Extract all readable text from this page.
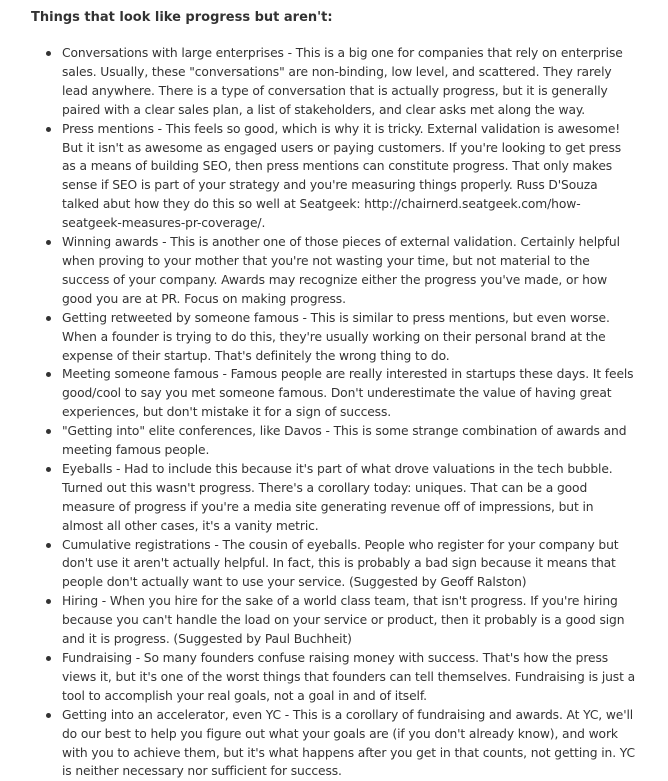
Things that look like progress but aren't:

Conversations with large enterprises - This is a big one for companies that rely on enterprise sales. Usually, these "conversations" are non-binding, low level, and scattered. They rarely lead anywhere. There is a type of conversation that is actually progress, but it is generally paired with a clear sales plan, a list of stakeholders, and clear asks met along the way.
Press mentions - This feels so good, which is why it is tricky. External validation is awesome! But it isn't as awesome as engaged users or paying customers. If you're looking to get press as a means of building SEO, then press mentions can constitute progress. That only makes sense if SEO is part of your strategy and you're measuring things properly. Russ D'Souza talked abut how they do this so well at Seatgeek: http://chairnerd.seatgeek.com/how-seatgeek-measures-pr-coverage/.
Winning awards - This is another one of those pieces of external validation. Certainly helpful when proving to your mother that you're not wasting your time, but not material to the success of your company. Awards may recognize either the progress you've made, or how good you are at PR. Focus on making progress.
Getting retweeted by someone famous - This is similar to press mentions, but even worse. When a founder is trying to do this, they're usually working on their personal brand at the expense of their startup. That's definitely the wrong thing to do.
Meeting someone famous - Famous people are really interested in startups these days. It feels good/cool to say you met someone famous. Don't underestimate the value of having great experiences, but don't mistake it for a sign of success.
"Getting into" elite conferences, like Davos - This is some strange combination of awards and meeting famous people.
Eyeballs - Had to include this because it's part of what drove valuations in the tech bubble. Turned out this wasn't progress. There's a corollary today: uniques. That can be a good measure of progress if you're a media site generating revenue off of impressions, but in almost all other cases, it's a vanity metric.
Cumulative registrations - The cousin of eyeballs. People who register for your company but don't use it aren't actually helpful. In fact, this is probably a bad sign because it means that people don't actually want to use your service. (Suggested by Geoff Ralston)
Hiring - When you hire for the sake of a world class team, that isn't progress. If you're hiring because you can't handle the load on your service or product, then it probably is a good sign and it is progress. (Suggested by Paul Buchheit)
Fundraising - So many founders confuse raising money with success. That's how the press views it, but it's one of the worst things that founders can tell themselves. Fundraising is just a tool to accomplish your real goals, not a goal in and of itself.
Getting into an accelerator, even YC - This is a corollary of fundraising and awards. At YC, we'll do our best to help you figure out what your goals are (if you don't already know), and work with you to achieve them, but it's what happens after you get in that counts, not getting in. YC is neither necessary nor sufficient for success.
